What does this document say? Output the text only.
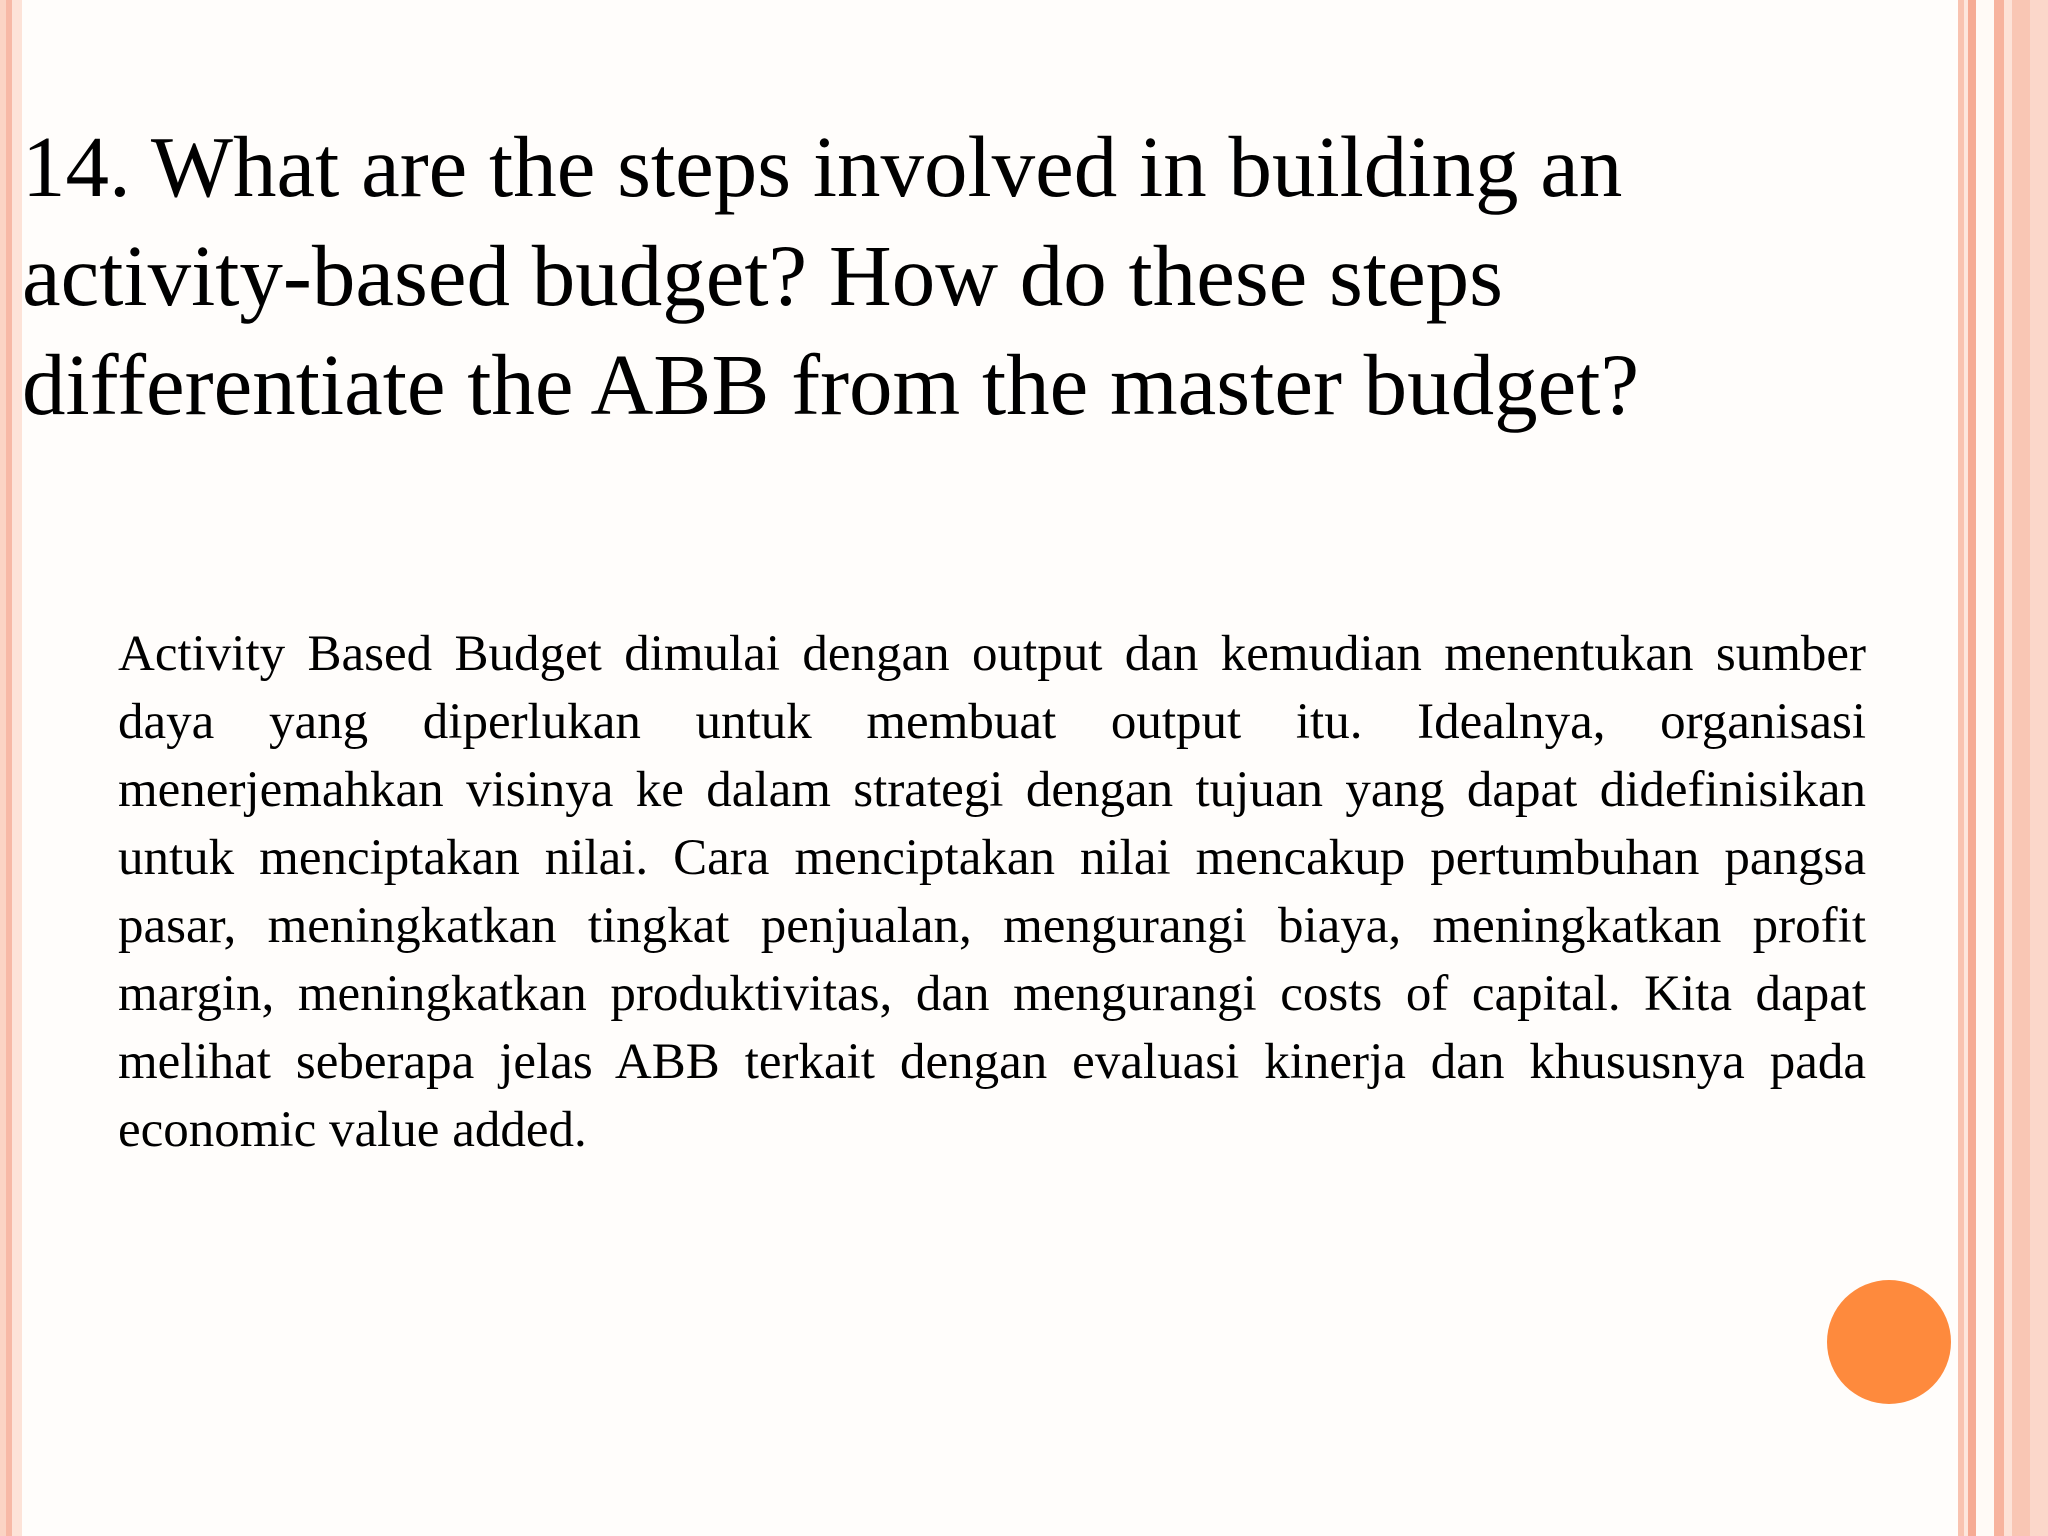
14. What are the steps involved in building an activity-based budget? How do these steps differentiate the ABB from the master budget?

Activity Based Budget dimulai dengan output dan kemudian menentukan sumber daya yang diperlukan untuk membuat output itu. Idealnya, organisasi menerjemahkan visinya ke dalam strategi dengan tujuan yang dapat didefinisikan untuk menciptakan nilai. Cara menciptakan nilai mencakup pertumbuhan pangsa pasar, meningkatkan tingkat penjualan, mengurangi biaya, meningkatkan profit margin, meningkatkan produktivitas, dan mengurangi costs of capital. Kita dapat melihat seberapa jelas ABB terkait dengan evaluasi kinerja dan khususnya pada economic value added.
